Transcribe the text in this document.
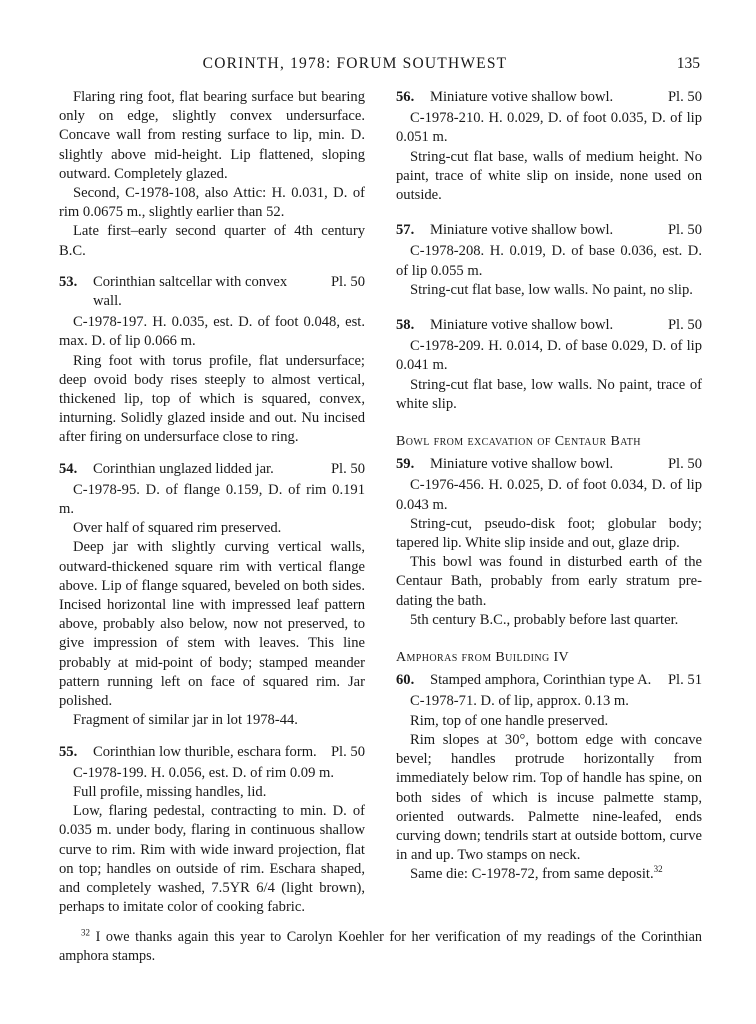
CORINTH, 1978: FORUM SOUTHWEST	135

Flaring ring foot, flat bearing surface but bearing only on edge, slightly convex undersurface. Concave wall from resting surface to lip, min. D. slightly above mid-height. Lip flattened, sloping outward. Completely glazed.

Second, C-1978-108, also Attic: H. 0.031, D. of rim 0.0675 m., slightly earlier than 52.

Late first–early second quarter of 4th century B.C.

53.	Corinthian saltcellar with convex wall.
Pl. 50

C-1978-197. H. 0.035, est. D. of foot 0.048, est. max. D. of lip 0.066 m.

Ring foot with torus profile, flat undersurface; deep ovoid body rises steeply to almost vertical, thickened lip, top of which is squared, convex, inturning. Solidly glazed inside and out. Nu incised after firing on undersurface close to ring.

54.	Corinthian unglazed lidded jar.	Pl. 50

C-1978-95. D. of flange 0.159, D. of rim 0.191 m.

Over half of squared rim preserved.

Deep jar with slightly curving vertical walls, outward-thickened square rim with vertical flange above. Lip of flange squared, beveled on both sides. Incised horizontal line with impressed leaf pattern above, probably also below, now not preserved, to give impression of stem with leaves. This line probably at mid-point of body; stamped meander pattern running left on face of squared rim. Jar polished.

Fragment of similar jar in lot 1978-44.

55.	Corinthian low thurible, eschara form. Pl. 50

C-1978-199. H. 0.056, est. D. of rim 0.09 m.

Full profile, missing handles, lid.

Low, flaring pedestal, contracting to min. D. of 0.035 m. under body, flaring in continuous shallow curve to rim. Rim with wide inward projection, flat on top; handles on outside of rim. Eschara shaped, and completely washed, 7.5YR 6/4 (light brown), perhaps to imitate color of cooking fabric.

56.	Miniature votive shallow bowl.	Pl. 50

C-1978-210. H. 0.029, D. of foot 0.035, D. of lip 0.051 m.

String-cut flat base, walls of medium height. No paint, trace of white slip on inside, none used on outside.

57.	Miniature votive shallow bowl.	Pl. 50

C-1978-208. H. 0.019, D. of base 0.036, est. D. of lip 0.055 m.

String-cut flat base, low walls. No paint, no slip.

58.	Miniature votive shallow bowl.	Pl. 50

C-1978-209. H. 0.014, D. of base 0.029, D. of lip 0.041 m.

String-cut flat base, low walls. No paint, trace of white slip.

Bowl from excavation of Centaur Bath
59.	Miniature votive shallow bowl.	Pl. 50

C-1976-456. H. 0.025, D. of foot 0.034, D. of lip 0.043 m.

String-cut, pseudo-disk foot; globular body; tapered lip. White slip inside and out, glaze drip.

This bowl was found in disturbed earth of the Centaur Bath, probably from early stratum pre-dating the bath.

5th century B.C., probably before last quarter.

Amphoras from Building IV
60.	Stamped amphora, Corinthian type A.	Pl. 51

C-1978-71. D. of lip, approx. 0.13 m.

Rim, top of one handle preserved.

Rim slopes at 30°, bottom edge with concave bevel; handles protrude horizontally from immediately below rim. Top of handle has spine, on both sides of which is incuse palmette stamp, oriented outwards. Palmette nine-leafed, ends curving down; tendrils start at outside bottom, curve in and up. Two stamps on neck.

Same die: C-1978-72, from same deposit.$^{32}$

$^{32}$ I owe thanks again this year to Carolyn Koehler for her verification of my readings of the Corinthian amphora stamps.
